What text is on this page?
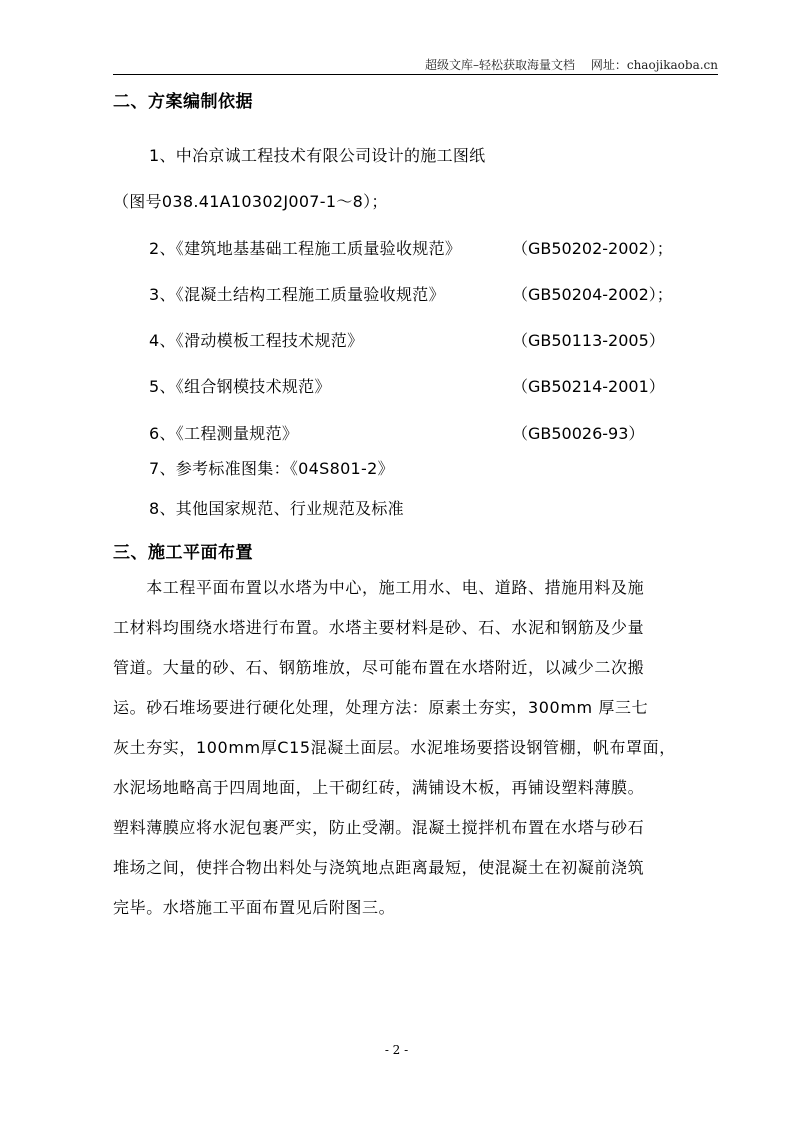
超级文库–轻松获取海量文档　 网址：chaojikaoba.cn
二、方案编制依据
1、中冶京诚工程技术有限公司设计的施工图纸
（图号038.41A10302J007-1～8）；
2、《建筑地基基础工程施工质量验收规范》	（GB50202-2002）；
3、《混凝土结构工程施工质量验收规范》	（GB50204-2002）；
4、《滑动模板工程技术规范》	（GB50113-2005）
5、《组合钢模技术规范》	（GB50214-2001）
6、《工程测量规范》	（GB50026-93）
7、参考标准图集：《04S801-2》
8、其他国家规范、行业规范及标准
三、施工平面布置
　　本工程平面布置以水塔为中心，施工用水、电、道路、措施用料及施
工材料均围绕水塔进行布置。水塔主要材料是砂、石、水泥和钢筋及少量
管道。大量的砂、石、钢筋堆放，尽可能布置在水塔附近，以减少二次搬
运。砂石堆场要进行硬化处理，处理方法：原素土夯实，300mm 厚三七
灰土夯实，100mm厚C15混凝土面层。水泥堆场要搭设钢管棚，帆布罩面，
水泥场地略高于四周地面，上干砌红砖，满铺设木板，再铺设塑料薄膜。
塑料薄膜应将水泥包裹严实，防止受潮。混凝土搅拌机布置在水塔与砂石
堆场之间，使拌合物出料处与浇筑地点距离最短，使混凝土在初凝前浇筑
完毕。水塔施工平面布置见后附图三。
- 2 -
